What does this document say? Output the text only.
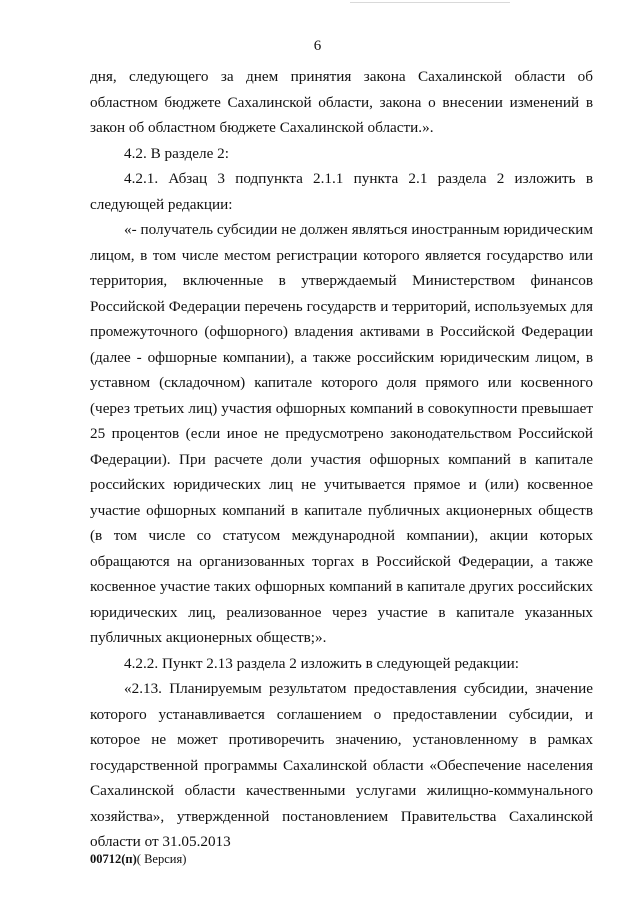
6

дня, следующего за днем принятия закона Сахалинской области об областном бюджете Сахалинской области, закона о внесении изменений в закон об областном бюджете Сахалинской области.».

4.2. В разделе 2:

4.2.1. Абзац 3 подпункта 2.1.1 пункта 2.1 раздела 2 изложить в следующей редакции:

«- получатель субсидии не должен являться иностранным юридическим лицом, в том числе местом регистрации которого является государство или территория, включенные в утверждаемый Министерством финансов Российской Федерации перечень государств и территорий, используемых для промежуточного (офшорного) владения активами в Российской Федерации (далее - офшорные компании), а также российским юридическим лицом, в уставном (складочном) капитале которого доля прямого или косвенного (через третьих лиц) участия офшорных компаний в совокупности превышает 25 процентов (если иное не предусмотрено законодательством Российской Федерации). При расчете доли участия офшорных компаний в капитале российских юридических лиц не учитывается прямое и (или) косвенное участие офшорных компаний в капитале публичных акционерных обществ (в том числе со статусом международной компании), акции которых обращаются на организованных торгах в Российской Федерации, а также косвенное участие таких офшорных компаний в капитале других российских юридических лиц, реализованное через участие в капитале указанных публичных акционерных обществ;».

4.2.2. Пункт 2.13 раздела 2 изложить в следующей редакции:

«2.13. Планируемым результатом предоставления субсидии, значение которого устанавливается соглашением о предоставлении субсидии, и которое не может противоречить значению, установленному в рамках государственной программы Сахалинской области «Обеспечение населения Сахалинской области качественными услугами жилищно-коммунального хозяйства», утвержденной постановлением Правительства Сахалинской области от 31.05.2013

00712(п)( Версия)
